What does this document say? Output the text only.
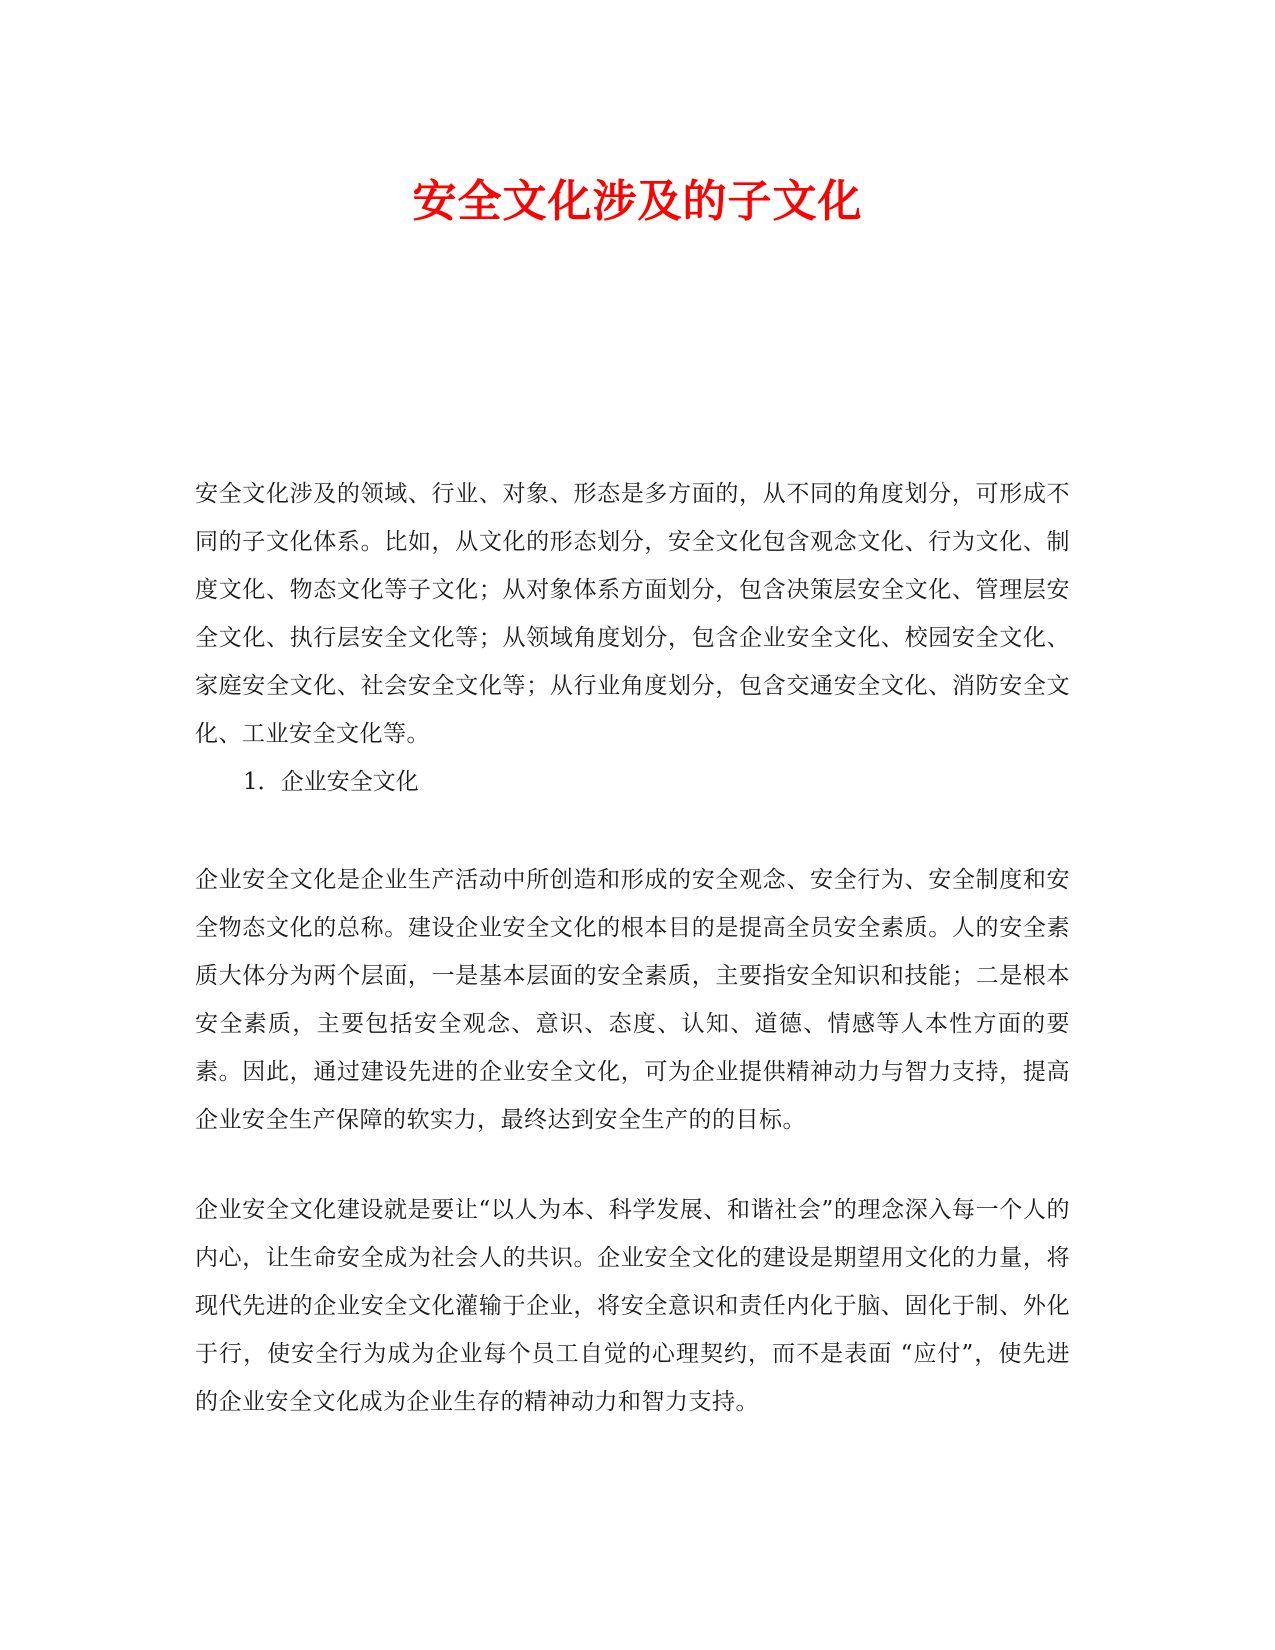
安全文化涉及的子文化

安全文化涉及的领域、行业、对象、形态是多方面的，从不同的角度划分，可形成不同的子文化体系。比如，从文化的形态划分，安全文化包含观念文化、行为文化、制度文化、物态文化等子文化；从对象体系方面划分，包含决策层安全文化、管理层安全文化、执行层安全文化等；从领域角度划分，包含企业安全文化、校园安全文化、家庭安全文化、社会安全文化等；从行业角度划分，包含交通安全文化、消防安全文化、工业安全文化等。

1．企业安全文化

企业安全文化是企业生产活动中所创造和形成的安全观念、安全行为、安全制度和安全物态文化的总称。建设企业安全文化的根本目的是提高全员安全素质。人的安全素质大体分为两个层面，一是基本层面的安全素质，主要指安全知识和技能；二是根本安全素质，主要包括安全观念、意识、态度、认知、道德、情感等人本性方面的要素。因此，通过建设先进的企业安全文化，可为企业提供精神动力与智力支持，提高企业安全生产保障的软实力，最终达到安全生产的的目标。

企业安全文化建设就是要让“以人为本、科学发展、和谐社会”的理念深入每一个人的内心，让生命安全成为社会人的共识。企业安全文化的建设是期望用文化的力量，将现代先进的企业安全文化灌输于企业，将安全意识和责任内化于脑、固化于制、外化于行，使安全行为成为企业每个员工自觉的心理契约，而不是表面 “应付”，使先进的企业安全文化成为企业生存的精神动力和智力支持。
